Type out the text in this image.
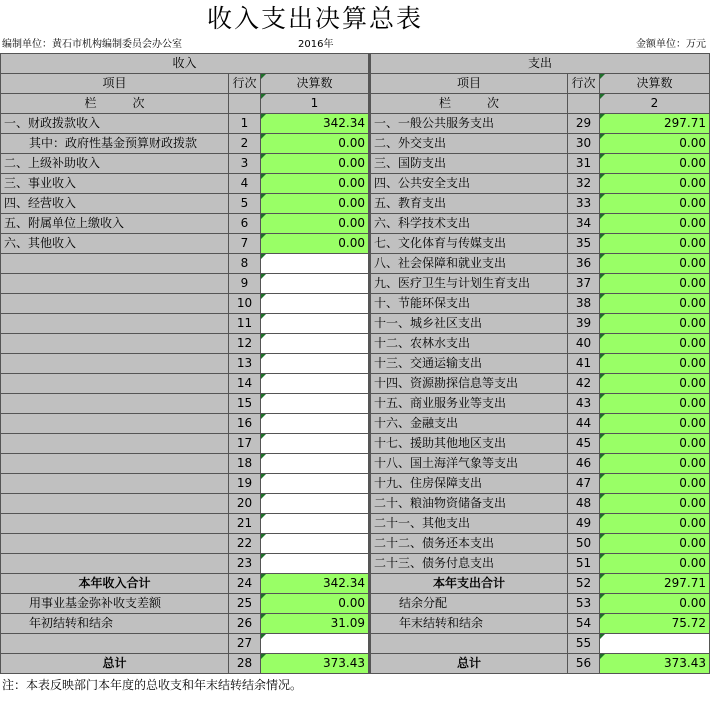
收入支出决算总表
编制单位：黄石市机构编制委员会办公室	2016年	金额单位：万元
收入			支出		
项目	行次	决算数	项目	行次	决算数
栏　　　次		1	栏　　　次		2
一、财政拨款收入	1	342.34	一、一般公共服务支出	29	297.71
其中：政府性基金预算财政拨款	2	0.00	二、外交支出	30	0.00
二、上级补助收入	3	0.00	三、国防支出	31	0.00
三、事业收入	4	0.00	四、公共安全支出	32	0.00
四、经营收入	5	0.00	五、教育支出	33	0.00
五、附属单位上缴收入	6	0.00	六、科学技术支出	34	0.00
六、其他收入	7	0.00	七、文化体育与传媒支出	35	0.00
	8		八、社会保障和就业支出	36	0.00
	9		九、医疗卫生与计划生育支出	37	0.00
	10		十、节能环保支出	38	0.00
	11		十一、城乡社区支出	39	0.00
	12		十二、农林水支出	40	0.00
	13		十三、交通运输支出	41	0.00
	14		十四、资源勘探信息等支出	42	0.00
	15		十五、商业服务业等支出	43	0.00
	16		十六、金融支出	44	0.00
	17		十七、援助其他地区支出	45	0.00
	18		十八、国土海洋气象等支出	46	0.00
	19		十九、住房保障支出	47	0.00
	20		二十、粮油物资储备支出	48	0.00
	21		二十一、其他支出	49	0.00
	22		二十二、债务还本支出	50	0.00
	23		二十三、债务付息支出	51	0.00
本年收入合计	24	342.34	本年支出合计	52	297.71
用事业基金弥补收支差额	25	0.00	结余分配	53	0.00
年初结转和结余	26	31.09	年末结转和结余	54	75.72
	27			55	
总计	28	373.43	总计	56	373.43
注：本表反映部门本年度的总收支和年末结转结余情况。
